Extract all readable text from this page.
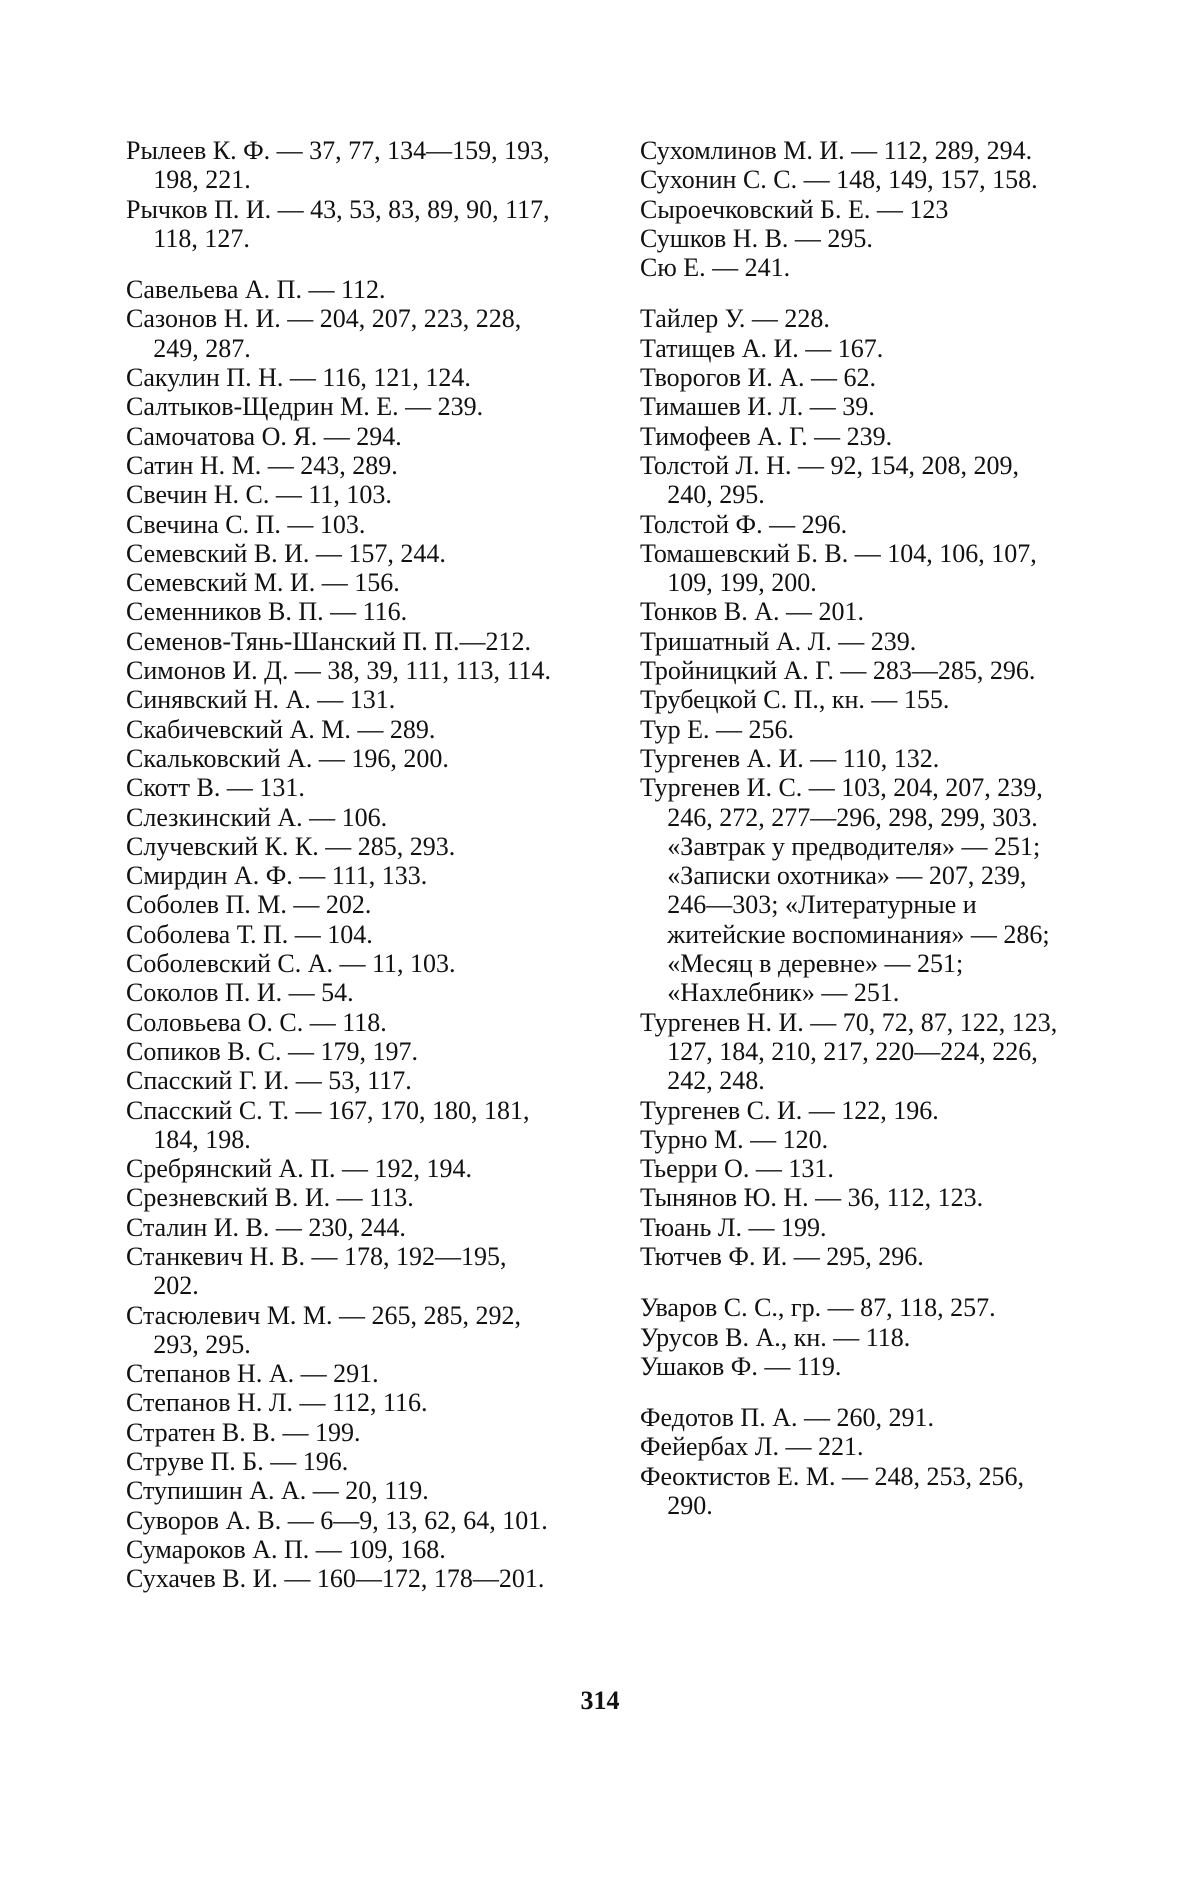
Рылеев К. Ф. — 37, 77, 134—159, 193, 198, 221.

Рычков П. И. — 43, 53, 83, 89, 90, 117, 118, 127.

Савельева А. П. — 112.

Сазонов Н. И. — 204, 207, 223, 228, 249, 287.

Сакулин П. Н. — 116, 121, 124.

Салтыков-Щедрин М. Е. — 239.

Самочатова О. Я. — 294.

Сатин Н. М. — 243, 289.

Свечин Н. С. — 11, 103.

Свечина С. П. — 103.

Семевский В. И. — 157, 244.

Семевский М. И. — 156.

Семенников В. П. — 116.

Семенов-Тянь-Шанский П. П.—212.

Симонов И. Д. — 38, 39, 111, 113, 114.

Синявский Н. А. — 131.

Скабичевский А. М. — 289.

Скальковский А. — 196, 200.

Скотт В. — 131.

Слезкинский А. — 106.

Случевский К. К. — 285, 293.

Смирдин А. Ф. — 111, 133.

Соболев П. М. — 202.

Соболева Т. П. — 104.

Соболевский С. А. — 11, 103.

Соколов П. И. — 54.

Соловьева О. С. — 118.

Сопиков В. С. — 179, 197.

Спасский Г. И. — 53, 117.

Спасский С. Т. — 167, 170, 180, 181, 184, 198.

Сребрянский А. П. — 192, 194.

Срезневский В. И. — 113.

Сталин И. В. — 230, 244.

Станкевич Н. В. — 178, 192—195, 202.

Стасюлевич М. М. — 265, 285, 292, 293, 295.

Степанов Н. А. — 291.

Степанов Н. Л. — 112, 116.

Стратен В. В. — 199.

Струве П. Б. — 196.

Ступишин А. А. — 20, 119.

Суворов А. В. — 6—9, 13, 62, 64, 101.

Сумароков А. П. — 109, 168.

Сухачев В. И. — 160—172, 178—201.

Сухомлинов М. И. — 112, 289, 294.

Сухонин С. С. — 148, 149, 157, 158.

Сыроечковский Б. Е. — 123

Сушков Н. В. — 295.

Сю Е. — 241.

Тайлер У. — 228.

Татищев А. И. — 167.

Творогов И. А. — 62.

Тимашев И. Л. — 39.

Тимофеев А. Г. — 239.

Толстой Л. Н. — 92, 154, 208, 209, 240, 295.

Толстой Ф. — 296.

Томашевский Б. В. — 104, 106, 107, 109, 199, 200.

Тонков В. А. — 201.

Тришатный А. Л. — 239.

Тройницкий А. Г. — 283—285, 296.

Трубецкой С. П., кн. — 155.

Тур Е. — 256.

Тургенев А. И. — 110, 132.

Тургенев И. С. — 103, 204, 207, 239, 246, 272, 277—296, 298, 299, 303. «Завтрак у предводителя» — 251; «Записки охотника» — 207, 239, 246—303; «Литературные и житейские воспоминания» — 286; «Месяц в деревне» — 251; «Нахлебник» — 251.

Тургенев Н. И. — 70, 72, 87, 122, 123, 127, 184, 210, 217, 220—224, 226, 242, 248.

Тургенев С. И. — 122, 196.

Турно М. — 120.

Тьерри О. — 131.

Тынянов Ю. Н. — 36, 112, 123.

Тюань Л. — 199.

Тютчев Ф. И. — 295, 296.

Уваров С. С., гр. — 87, 118, 257.

Урусов В. А., кн. — 118.

Ушаков Ф. — 119.

Федотов П. А. — 260, 291.

Фейербах Л. — 221.

Феоктистов Е. М. — 248, 253, 256, 290.

314
